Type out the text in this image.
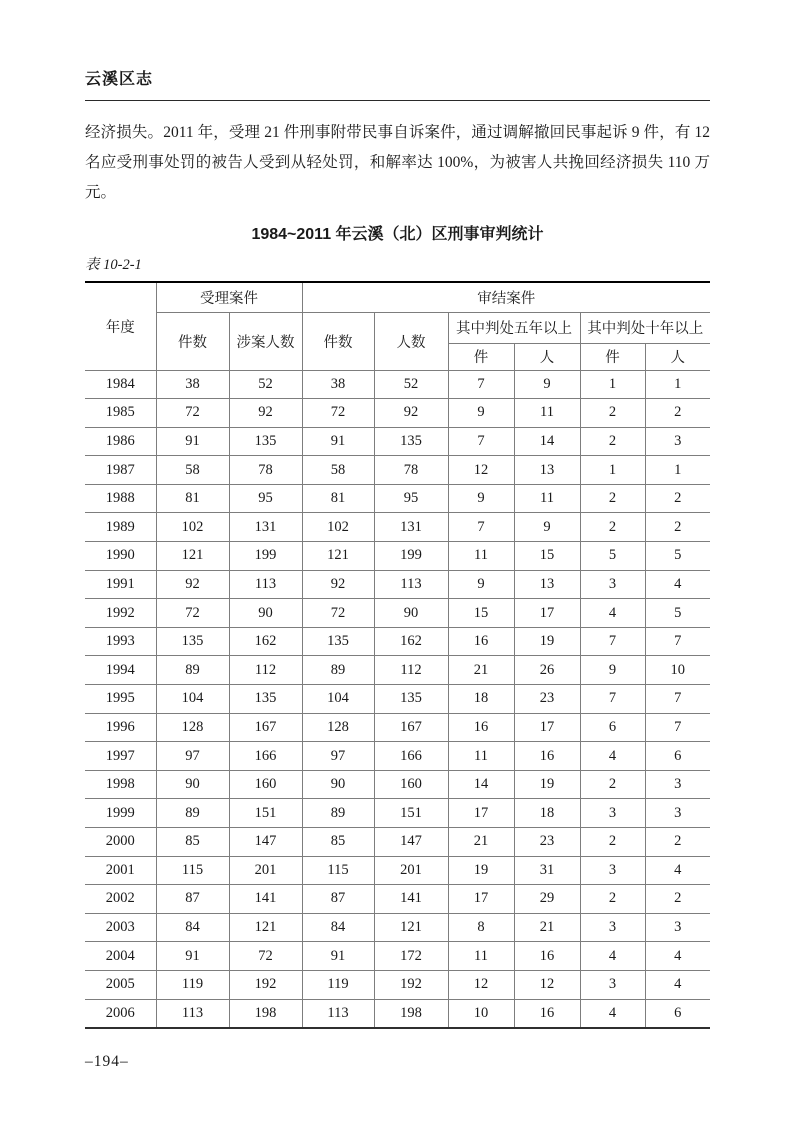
云溪区志

经济损失。2011 年，受理 21 件刑事附带民事自诉案件，通过调解撤回民事起诉 9 件，有 12 名应受刑事处罚的被告人受到从轻处罚，和解率达 100%，为被害人共挽回经济损失 110 万元。

1984~2011 年云溪（北）区刑事审判统计
表 10-2-1
年度	受理案件		审结案件					
	件数	涉案人数	件数	人数	其中判处五年以上		其中判处十年以上	
					件	人	件	人
1984	38	52	38	52	7	9	1	1
1985	72	92	72	92	9	11	2	2
1986	91	135	91	135	7	14	2	3
1987	58	78	58	78	12	13	1	1
1988	81	95	81	95	9	11	2	2
1989	102	131	102	131	7	9	2	2
1990	121	199	121	199	11	15	5	5
1991	92	113	92	113	9	13	3	4
1992	72	90	72	90	15	17	4	5
1993	135	162	135	162	16	19	7	7
1994	89	112	89	112	21	26	9	10
1995	104	135	104	135	18	23	7	7
1996	128	167	128	167	16	17	6	7
1997	97	166	97	166	11	16	4	6
1998	90	160	90	160	14	19	2	3
1999	89	151	89	151	17	18	3	3
2000	85	147	85	147	21	23	2	2
2001	115	201	115	201	19	31	3	4
2002	87	141	87	141	17	29	2	2
2003	84	121	84	121	8	21	3	3
2004	91	72	91	172	11	16	4	4
2005	119	192	119	192	12	12	3	4
2006	113	198	113	198	10	16	4	6
–194–
